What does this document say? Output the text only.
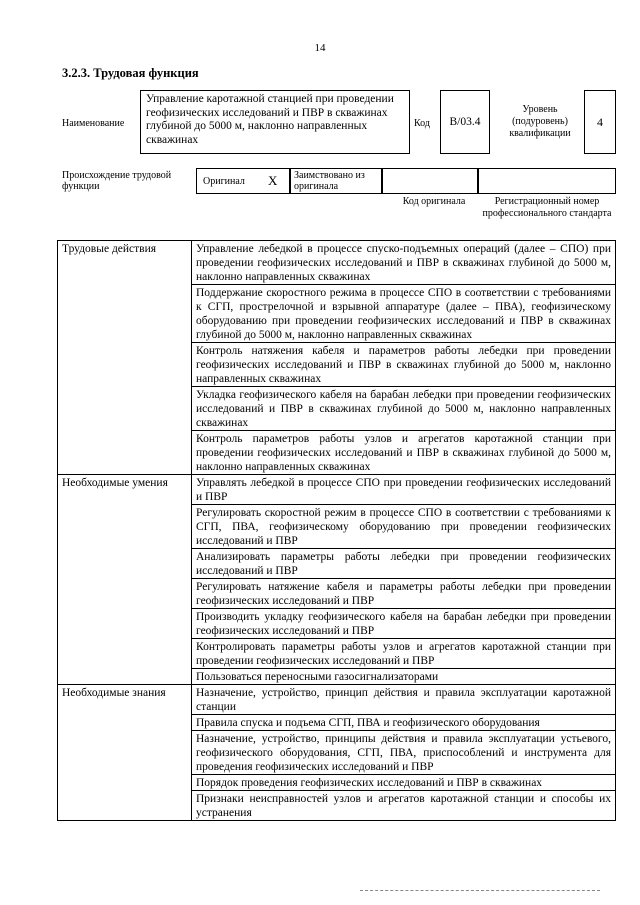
14
3.2.3. Трудовая функция
Наименование
Управление каротажной станцией при проведении геофизических исследований и ПВР в скважинах глубиной до 5000 м, наклонно направленных скважинах
Код	B/03.4
Уровень (подуровень) квалификации
4
Происхождение трудовой функции	Оригинал X	Заимствовано из оригинала
Код оригинала	Регистрационный номер профессионального стандарта
Трудовые действия	Управление лебедкой в процессе спуско-подъемных операций (далее – СПО) при проведении геофизических исследований и ПВР в скважинах глубиной до 5000 м, наклонно направленных скважинах
	Поддержание скоростного режима в процессе СПО в соответствии с требованиями к СГП, прострелочной и взрывной аппаратуре (далее – ПВА), геофизическому оборудованию при проведении геофизических исследований и ПВР в скважинах глубиной до 5000 м, наклонно направленных скважинах
	Контроль натяжения кабеля и параметров работы лебедки при проведении геофизических исследований и ПВР в скважинах глубиной до 5000 м, наклонно направленных скважинах
	Укладка геофизического кабеля на барабан лебедки при проведении геофизических исследований и ПВР в скважинах глубиной до 5000 м, наклонно направленных скважинах
	Контроль параметров работы узлов и агрегатов каротажной станции при проведении геофизических исследований и ПВР в скважинах глубиной до 5000 м, наклонно направленных скважинах
Необходимые умения	Управлять лебедкой в процессе СПО при проведении геофизических исследований и ПВР
	Регулировать скоростной режим в процессе СПО в соответствии с требованиями к СГП, ПВА, геофизическому оборудованию при проведении геофизических исследований и ПВР
	Анализировать параметры работы лебедки при проведении геофизических исследований и ПВР
	Регулировать натяжение кабеля и параметры работы лебедки при проведении геофизических исследований и ПВР
	Производить укладку геофизического кабеля на барабан лебедки при проведении геофизических исследований и ПВР
	Контролировать параметры работы узлов и агрегатов каротажной станции при проведении геофизических исследований и ПВР
	Пользоваться переносными газосигнализаторами
Необходимые знания	Назначение, устройство, принцип действия и правила эксплуатации каротажной станции
	Правила спуска и подъема СГП, ПВА и геофизического оборудования
	Назначение, устройство, принципы действия и правила эксплуатации устьевого, геофизического оборудования, СГП, ПВА, приспособлений и инструмента для проведения геофизических исследований и ПВР
	Порядок проведения геофизических исследований и ПВР в скважинах
	Признаки неисправностей узлов и агрегатов каротажной станции и способы их устранения
